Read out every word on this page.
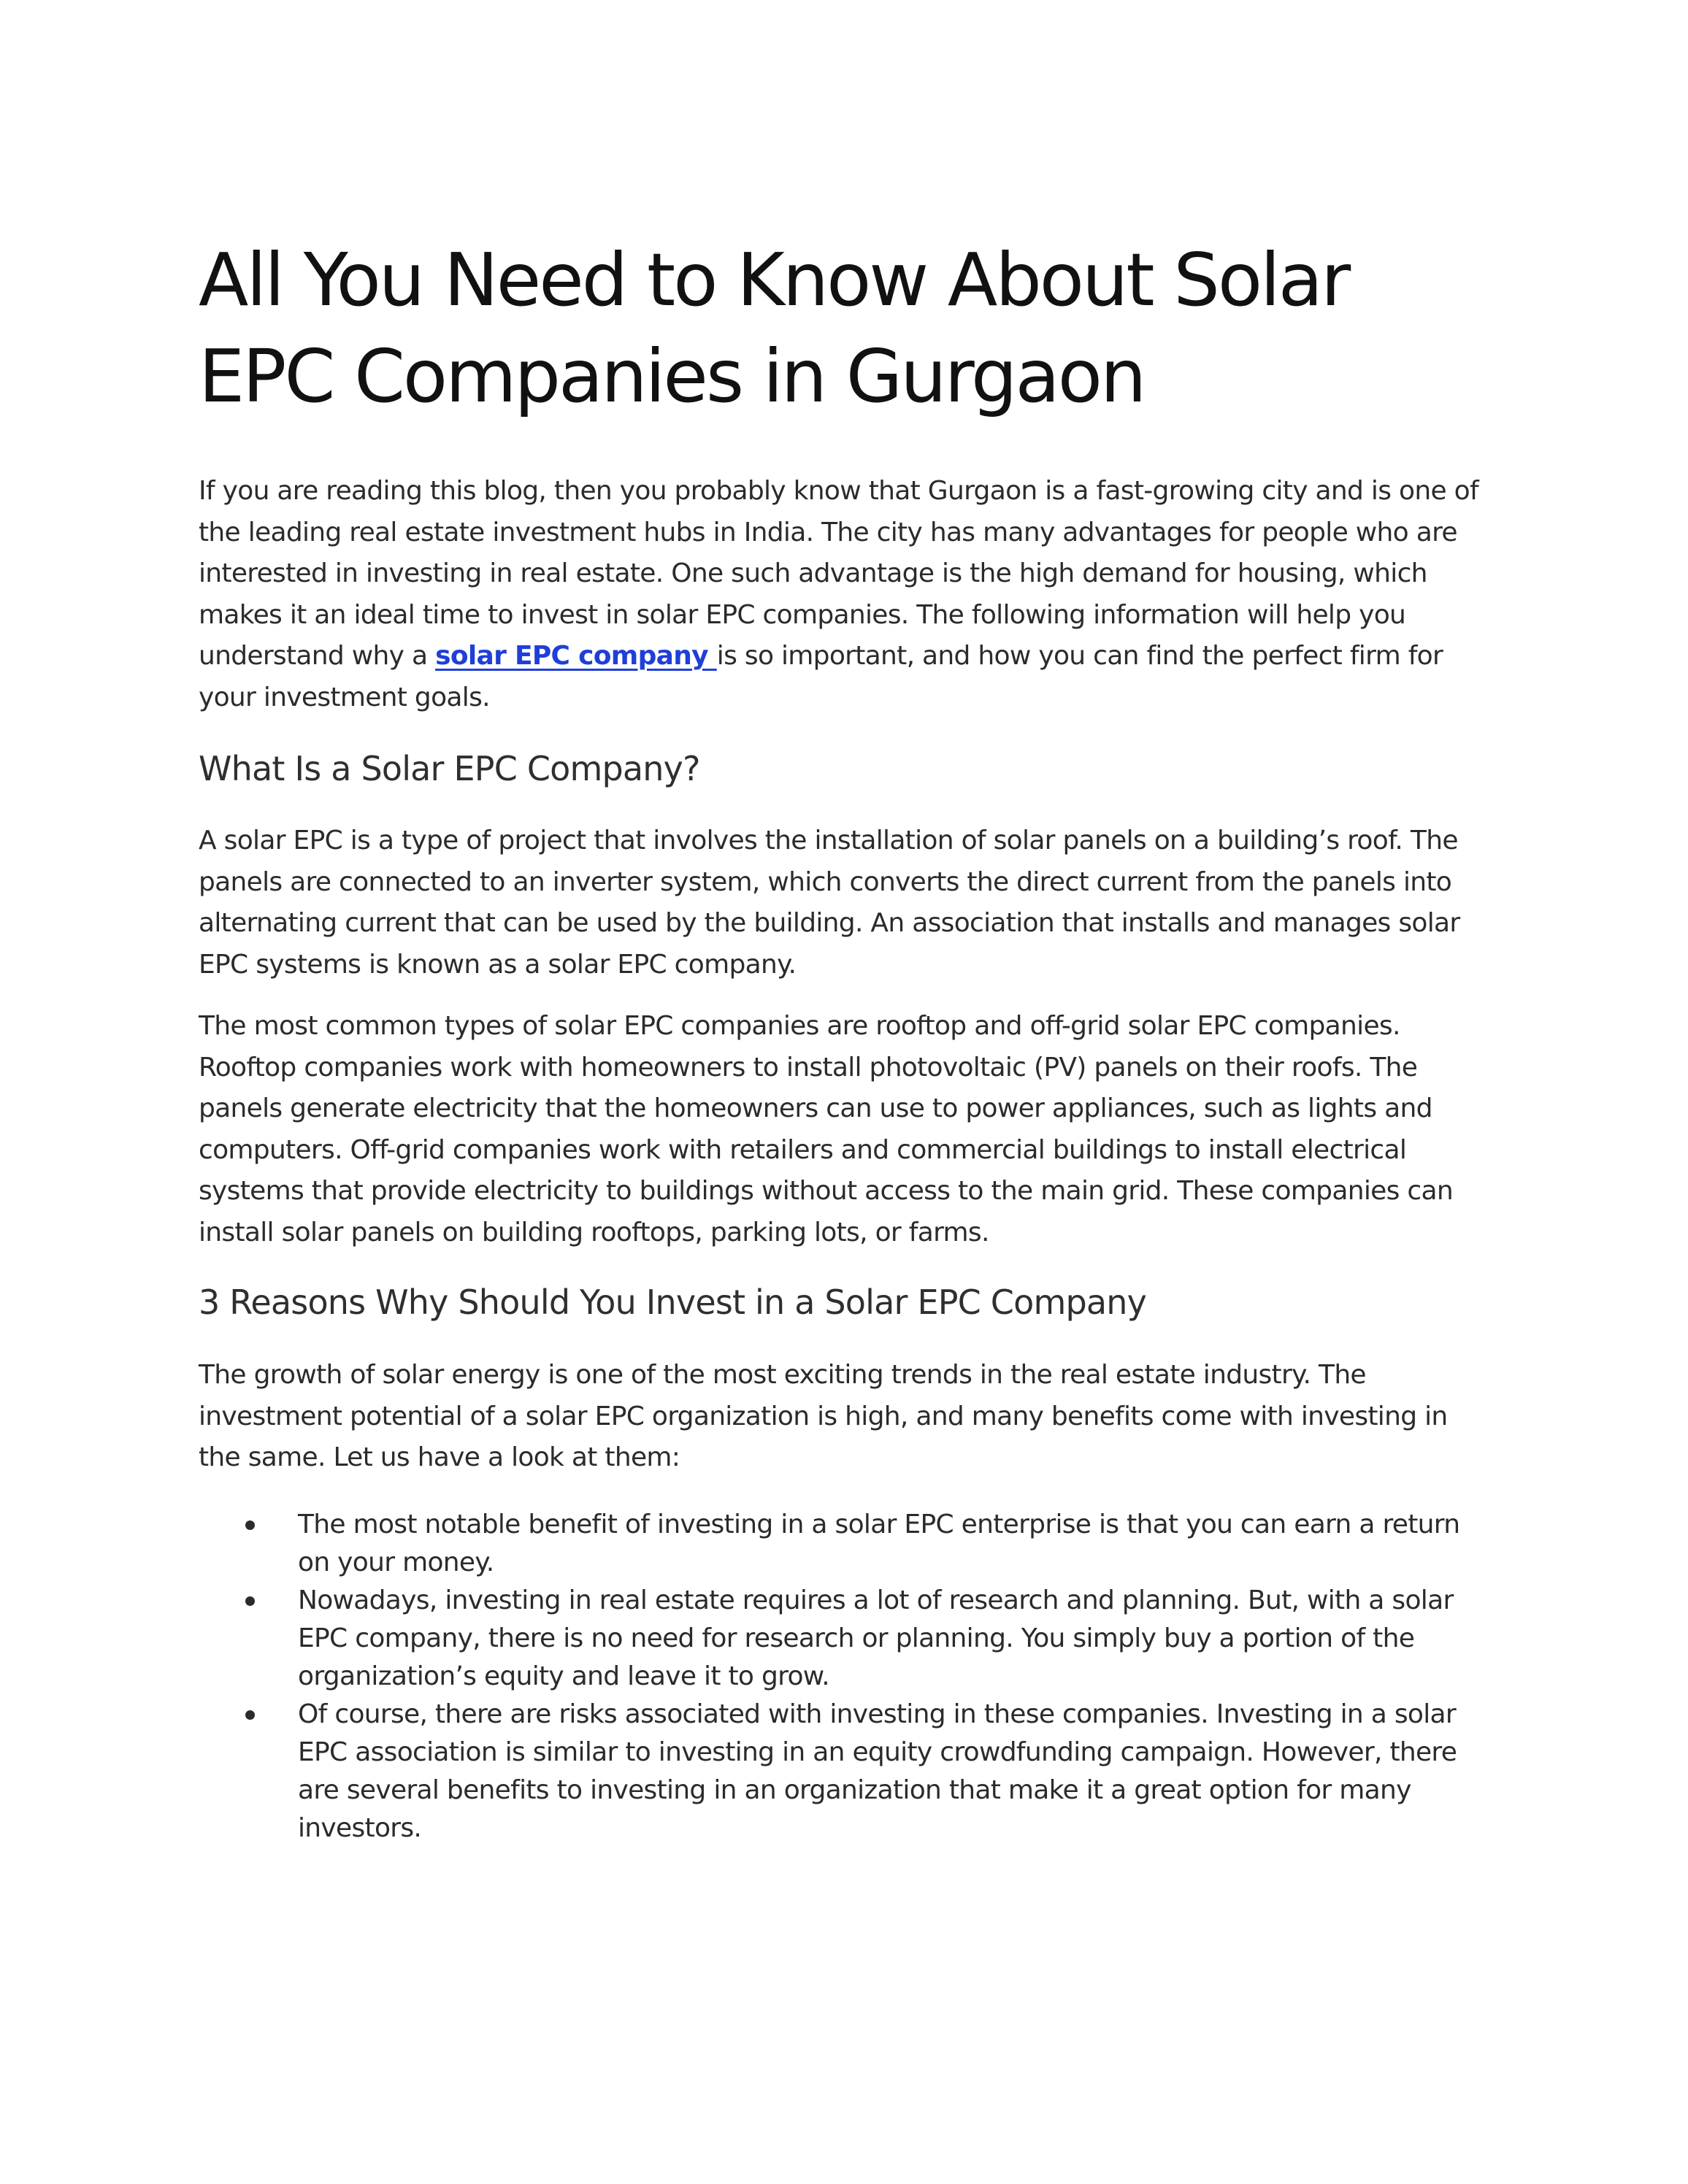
All You Need to Know About Solar EPC Companies in Gurgaon

If you are reading this blog, then you probably know that Gurgaon is a fast-growing city and is one of the leading real estate investment hubs in India. The city has many advantages for people who are interested in investing in real estate. One such advantage is the high demand for housing, which makes it an ideal time to invest in solar EPC companies. The following information will help you understand why a solar EPC company is so important, and how you can find the perfect firm for your investment goals.

What Is a Solar EPC Company?

A solar EPC is a type of project that involves the installation of solar panels on a building’s roof. The panels are connected to an inverter system, which converts the direct current from the panels into alternating current that can be used by the building. An association that installs and manages solar EPC systems is known as a solar EPC company.

The most common types of solar EPC companies are rooftop and off-grid solar EPC companies. Rooftop companies work with homeowners to install photovoltaic (PV) panels on their roofs. The panels generate electricity that the homeowners can use to power appliances, such as lights and computers. Off-grid companies work with retailers and commercial buildings to install electrical systems that provide electricity to buildings without access to the main grid. These companies can install solar panels on building rooftops, parking lots, or farms.

3 Reasons Why Should You Invest in a Solar EPC Company

The growth of solar energy is one of the most exciting trends in the real estate industry. The investment potential of a solar EPC organization is high, and many benefits come with investing in the same. Let us have a look at them:

The most notable benefit of investing in a solar EPC enterprise is that you can earn a return on your money.
Nowadays, investing in real estate requires a lot of research and planning. But, with a solar EPC company, there is no need for research or planning. You simply buy a portion of the organization’s equity and leave it to grow.
Of course, there are risks associated with investing in these companies. Investing in a solar EPC association is similar to investing in an equity crowdfunding campaign. However, there are several benefits to investing in an organization that make it a great option for many investors.
